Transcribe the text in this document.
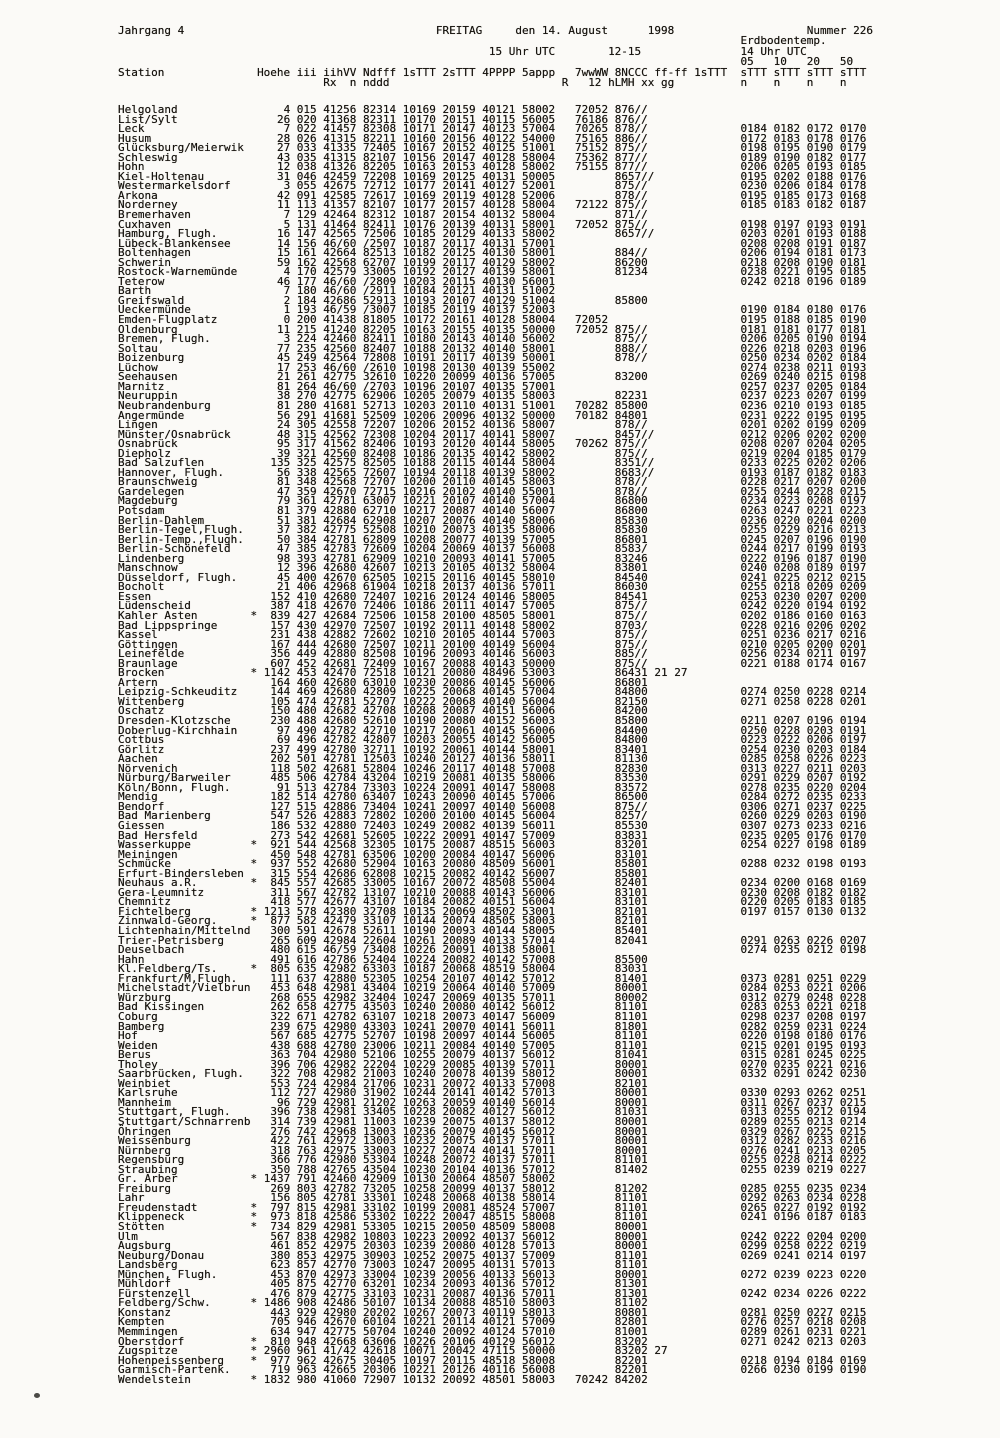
Jahrgang 4	FREITAG	den 14. August	1998	Nummer 226
Erdbodentemp.
15 Uhr UTC	12-15	14 Uhr UTC
05 10 20 50
Station	Hoehe iii iihVV Ndfff 1sTTT 2sTTT 4PPPP 5appp 7wwWW 8NCCC ff-ff 1sTTT sTTT sTTT sTTT sTTT
Rx n nddd	R 12 hLMH xx gg	n n n n
Helgoland                4 015 41256 82314 10169 20159 40121 58002   72052 876//
List/Sylt               26 020 41368 82311 10170 20151 40115 56005   76186 876//
Leck                     7 022 41457 82308 10171 20147 40123 57004   70265 878//              0184 0182 0172 0170
Husum                   28 026 41315 82211 10160 20156 40122 54000   75165 886//              0172 0183 0178 0176
Glücksburg/Meierwik     27 033 41335 72405 10167 20152 40125 51001   75152 875//              0198 0195 0190 0179
Schleswig               43 035 41315 82107 10156 20147 40128 58004   75362 877//              0189 0190 0182 0177
Hohn                    12 038 41326 82205 10163 20153 40128 58002   75155 877//              0206 0205 0193 0185
Kiel-Holtenau           31 046 42459 72208 10169 20125 40131 50005         8657//             0195 0202 0188 0176
Westermarkelsdorf        3 055 42675 72712 10177 20141 40127 52001         875//              0230 0206 0184 0178
Arkona                  42 091 42585 72617 10169 20119 40128 52006         878//              0195 0185 0173 0168
Norderney               11 113 41357 82107 10177 20157 40128 58004   72122 875//              0185 0183 0182 0187
Bremerhaven              7 129 42464 82312 10187 20154 40132 58004         871//
Cuxhaven                 5 131 41464 82411 10176 20139 40131 58001   72052 875//              0198 0197 0193 0191
Hamburg, Flugh.         16 147 42565 72506 10185 20129 40133 58002         8657//             0203 0201 0193 0188
Lübeck-Blankensee       14 156 46/60 /2507 10187 20117 40131 57001                            0208 0208 0191 0187
Boltenhagen             15 161 42664 82513 10182 20125 40130 58001         884//              0206 0194 0181 0173
Schwerin                59 162 42568 62707 10199 20117 40129 58002         86200              0218 0208 0190 0181
Rostock-Warnemünde       4 170 42579 33005 10192 20127 40139 58001         81234              0238 0221 0195 0185
Teterow                 46 177 46/60 /2809 10203 20115 40130 56001                            0242 0218 0196 0189
Barth                    7 180 46/60 /2911 10184 20121 40131 51002
Greifswald               2 184 42686 52913 10193 20107 40129 51004         85800
Ueckermünde              1 193 46/59 /3007 10185 20119 40137 52003                            0190 0184 0180 0176
Emden-Flugplatz          0 200 41438 81805 10172 20161 40128 58004   72052                    0195 0188 0185 0190
Oldenburg               11 215 41240 82205 10163 20155 40135 50000   72052 875//              0181 0181 0177 0181
Bremen, Flugh.           3 224 42460 82411 10180 20143 40140 56002         875//              0206 0205 0190 0194
Soltau                  77 235 42560 82407 10188 20132 40140 58001         888//              0226 0218 0203 0196
Boizenburg              45 249 42564 72808 10191 20117 40139 50001         878//              0250 0234 0202 0184
Lüchow                  17 253 46/60 /2610 10198 20130 40139 55002                            0274 0238 0211 0193
Seehausen               21 261 42775 32610 10220 20099 40136 57005         83200              0269 0240 0215 0198
Marnitz                 81 264 46/60 /2703 10196 20107 40135 57001                            0257 0237 0205 0184
Neuruppin               38 270 42775 62906 10205 20079 40135 58003         82231              0237 0223 0207 0199
Neubrandenburg          81 280 41681 52713 10203 20110 40131 51001   70282 85800              0236 0210 0193 0185
Angermünde              56 291 41681 52509 10206 20096 40132 50000   70182 84801              0231 0222 0195 0195
Lingen                  24 305 42558 72207 10206 20152 40136 58007         878//              0201 0202 0199 0209
Münster/Osnabrück       48 315 42562 72308 10204 20117 40141 58007         8457//             0212 0206 0202 0200
Osnabrück               95 317 41562 82406 10193 20120 40144 58005   70262 875//              0208 0207 0204 0205
Diepholz                39 321 42560 82408 10186 20135 40142 58002         875//              0219 0204 0185 0179
Bad Salzuflen          135 325 42575 82505 10188 20115 40144 58004         8351//             0233 0225 0202 0206
Hannover, Flugh.        56 338 42565 72607 10194 20118 40139 58002         8683//             0193 0187 0182 0183
Braunschweig            81 348 42568 72707 10200 20110 40145 58003         878//              0228 0217 0207 0200
Gardelegen              47 359 42670 72715 10216 20102 40140 55001         878//              0255 0244 0228 0215
Magdeburg               79 361 42781 63007 10221 20107 40140 57004         86800              0234 0223 0208 0197
Potsdam                 81 379 42880 62710 10217 20087 40140 56007         86800              0263 0247 0221 0223
Berlin-Dahlem           51 381 42684 62908 10207 20076 40140 58006         85830              0236 0220 0204 0200
Berlin-Tegel,Flugh.     37 382 42775 52508 10210 20073 40135 58006         85830              0255 0229 0216 0213
Berlin-Temp.,Flugh.     50 384 42781 62809 10208 20077 40139 57005         86801              0245 0207 0196 0190
Berlin-Schönefeld       47 385 42783 72609 10204 20069 40137 56008         8583/              0244 0217 0199 0193
Lindenberg              98 393 42781 62909 10210 20093 40141 57005         83246              0222 0196 0187 0190
Manschnow               12 396 42680 42607 10213 20105 40132 58004         83801              0240 0208 0189 0197
Düsseldorf, Flugh.      45 400 42670 62505 10215 20116 40145 58010         84540              0241 0225 0212 0215
Bocholt                 21 406 42968 61904 10218 20137 40136 57011         86030              0255 0218 0209 0209
Essen                  152 410 42680 72407 10216 20124 40146 58005         84541              0253 0230 0207 0200
Lüdenscheid            387 418 42670 72406 10186 20111 40147 57005         875//              0242 0220 0194 0192
Kahler Asten        *  839 427 42684 72506 10158 20100 48505 58001         875//              0202 0186 0160 0163
Bad Lippspringe        157 430 42970 72507 10192 20111 40148 58002         8703/              0228 0216 0206 0202
Kassel                 231 438 42882 72602 10210 20105 40144 57003         875//              0251 0236 0217 0216
Göttingen              167 444 42680 72507 10211 20100 40149 56004         875//              0210 0205 0200 0201
Leinefelde             356 449 42880 82508 10196 20093 40146 56003         885//              0256 0234 0211 0197
Braunlage              607 452 42681 72409 10167 20088 40143 50000         875//              0221 0188 0174 0167
Brocken             * 1142 453 42470 72518 10121 20080 48496 53003         86431 21 27
Artern                 164 460 42680 63010 10230 20086 40145 56006         86801
Leipzig-Schkeuditz     144 469 42680 42809 10225 20068 40145 57004         84800              0274 0250 0228 0214
Wittenberg             105 474 42781 52707 10222 20068 40140 56004         82150              0271 0258 0228 0201
Oschatz                150 480 42682 42708 10208 20087 40151 56006         84200
Dresden-Klotzsche      230 488 42680 52610 10190 20080 40152 56003         85800              0211 0207 0196 0194
Doberlug-Kirchhain      97 490 42782 42710 10217 20061 40145 56006         84400              0250 0228 0203 0191
Cottbus                 69 496 42782 42807 10203 20055 40142 56005         84800              0223 0222 0206 0197
Görlitz                237 499 42780 32711 10192 20061 40144 58001         83401              0254 0230 0203 0184
Aachen                 202 501 42781 12503 10240 20127 40136 58011         81130              0285 0258 0226 0223
Nörvenich              118 502 42681 52804 10246 20117 40148 57008         82830              0313 0227 0211 0203
Nürburg/Barweiler      485 506 42784 43204 10219 20081 40135 58006         83530              0291 0229 0207 0192
Köln/Bonn, Flugh.       91 513 42784 73303 10224 20091 40147 58008         83572              0278 0235 0220 0204
Mendig                 182 514 42780 63407 10243 20090 40145 57006         86500              0284 0272 0235 0233
Bendorf                127 515 42886 73404 10241 20097 40140 56008         875//              0306 0271 0237 0225
Bad Marienberg         547 526 42883 72802 10200 20100 40145 56004         8257/              0260 0229 0203 0190
Giessen                186 532 42880 72403 10249 20082 40139 56011         85530              0307 0273 0233 0216
Bad Hersfeld           273 542 42681 52605 10222 20091 40147 57009         83831              0235 0205 0176 0170
Wasserkuppe         *  921 544 42568 32305 10175 20087 48515 56003         83201              0254 0227 0198 0189
Meiningen              450 548 42781 63506 10200 20084 40147 56006         83101
Schmücke            *  937 552 42680 52904 10163 20080 48509 56001         85801              0288 0232 0198 0193
Erfurt-Bindersleben    315 554 42686 62808 10215 20082 40142 56007         85801
Neuhaus a.R.        *  845 557 42685 33005 10167 20072 48508 55004         82401              0234 0200 0168 0169
Gera-Leumnitz          311 567 42782 13107 10210 20088 40143 56006         83101              0230 0208 0182 0182
Chemnitz               418 577 42677 43107 10184 20082 40151 56004         83101              0220 0205 0183 0185
Fichtelberg         * 1213 578 42380 32708 10135 20069 48502 53001         82101              0197 0157 0130 0132
Zinnwald-Georg.     *  877 582 42479 33107 10144 20074 48505 58003         82101
Lichtenhain/Mittelnd   300 591 42678 52611 10190 20093 40144 58005         85401
Trier-Petrisberg       265 609 42984 22604 10261 20089 40133 57014         82041              0291 0263 0226 0207
Deuselbach             480 615 46/59 /3408 10226 20091 40138 58001                            0274 0235 0212 0198
Hahn                   491 616 42786 52404 10224 20082 40142 57008         85500
Kl.Feldberg/Ts.     *  805 635 42982 63303 10187 20068 48519 58004         83031
Frankfurt/M,Flugh.     111 637 42880 52305 10254 20107 40142 57012         81401              0373 0281 0251 0229
Michelstadt/Vielbrun   453 648 42981 43404 10219 20064 40140 57009         80001              0284 0253 0221 0206
Würzburg               268 655 42982 32404 10247 20069 40135 57011         80002              0312 0279 0248 0228
Bad Kissingen          262 658 42775 43503 10240 20080 40142 56012         81101              0283 0253 0221 0218
Coburg                 322 671 42782 63107 10218 20073 40147 56009         81101              0298 0237 0208 0197
Bamberg                239 675 42980 43303 10241 20070 40141 56011         81801              0282 0259 0231 0224
Hof                    567 685 42775 52707 10198 20097 40144 56005         81101              0220 0198 0180 0176
Weiden                 438 688 42780 23006 10211 20084 40140 57005         81101              0215 0201 0195 0193
Berus                  363 704 42980 52106 10255 20079 40137 56012         81041              0315 0281 0245 0225
Tholey                 396 706 42982 22204 10229 20085 40139 57011         80001              0270 0235 0221 0216
Saarbrücken, Flugh.    322 708 42982 21003 10240 20078 40139 58012         80001              0332 0291 0242 0230
Weinbiet               553 724 42984 21706 10231 20072 40133 57008         82101
Karlsruhe              112 727 42980 31902 10244 20141 40142 57013         80001              0330 0293 0262 0251
Mannheim                96 729 42981 21202 10263 20059 40140 56014         80001              0311 0267 0237 0215
Stuttgart, Flugh.      396 738 42981 33405 10228 20082 40127 56012         81031              0313 0255 0212 0194
Stuttgart/Schnarrenb   314 739 42981 11003 10239 20075 40137 58012         80001              0289 0255 0213 0214
Öhringen               276 742 42968 13003 10236 20079 40145 56012         80001              0329 0267 0225 0215
Weissenburg            422 761 42972 13003 10232 20075 40137 57011         80001              0312 0282 0233 0216
Nürnberg               318 763 42975 33003 10227 20074 40141 57011         80001              0276 0241 0213 0205
Regensburg             366 776 42980 53304 10248 20072 40137 57011         81101              0255 0228 0214 0222
Straubing              350 788 42765 43504 10230 20104 40136 57012         81402              0255 0239 0219 0227
Gr. Arber           * 1437 791 42460 42909 10130 20064 48507 58002
Freiburg               269 803 42782 73205 10258 20099 40137 58012         81202              0285 0255 0235 0234
Lahr                   156 805 42781 33301 10248 20068 40138 58014         81101              0292 0263 0234 0228
Freudenstadt        *  797 815 42981 33102 10199 20081 48524 57007         81101              0265 0227 0192 0192
Klippeneck          *  973 818 42586 53302 10222 20047 48515 58008         81101              0241 0196 0187 0183
Stötten             *  734 829 42981 53305 10215 20050 48509 58008         80001
Ulm                    567 838 42982 10803 10223 20092 40137 56012         80001              0242 0222 0204 0200
Augsburg               461 852 42975 20303 10239 20080 40128 57013         80001              0299 0258 0222 0219
Neuburg/Donau          380 853 42975 30903 10252 20075 40137 57009         81101              0269 0241 0214 0197
Landsberg              623 857 42770 73003 10247 20095 40131 57013         81101
München, Flugh.        453 870 42973 33004 10239 20056 40133 56013         80001              0272 0239 0223 0220
Mühldorf               405 875 42770 63201 10234 20093 40136 57012         81301
Fürstenzell            476 879 42775 33103 10231 20087 40136 57011         81301              0242 0234 0226 0222
Feldberg/Schw.      * 1486 908 42486 50107 10134 20088 48510 58003         81102
Konstanz               443 929 42980 20202 10267 20073 40119 58013         80801              0281 0250 0227 0215
Kempten                705 946 42670 60104 10221 20114 40121 57009         82801              0276 0257 0218 0208
Memmingen              634 947 42775 50704 10240 20092 40124 57010         81001              0289 0261 0231 0221
Oberstdorf          *  810 948 42668 63606 10226 20106 40129 56012         83202              0271 0242 0213 0203
Zugspitze           * 2960 961 41/42 42618 10071 20042 47115 50000         83202 27
Hohenpeissenberg    *  977 962 42675 30405 10197 20115 48518 58008         82201              0218 0194 0184 0169
Garmisch-Partenk.      719 963 42665 20306 10221 20126 40116 56008         82201              0266 0230 0199 0190
Wendelstein         * 1832 980 41060 72907 10132 20092 48501 58003   70242 84202
